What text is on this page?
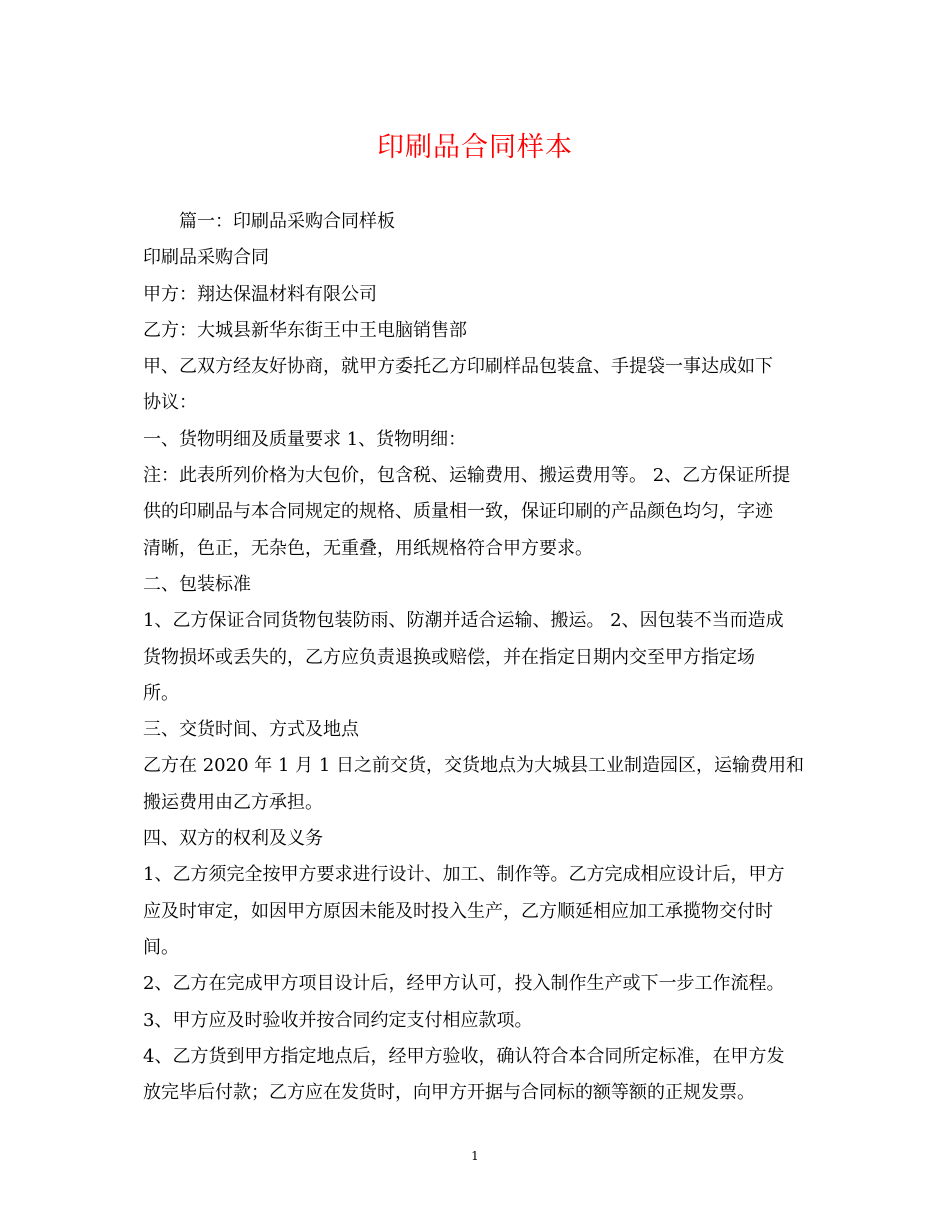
印刷品合同样本

篇一：印刷品采购合同样板

印刷品采购合同

甲方：翔达保温材料有限公司

乙方：大城县新华东街王中王电脑销售部

甲、乙双方经友好协商，就甲方委托乙方印刷样品包装盒、手提袋一事达成如下

协议：

一、货物明细及质量要求 1、货物明细：

注：此表所列价格为大包价，包含税、运输费用、搬运费用等。 2、乙方保证所提

供的印刷品与本合同规定的规格、质量相一致，保证印刷的产品颜色均匀，字迹

清晰，色正，无杂色，无重叠，用纸规格符合甲方要求。

二、包装标准

1、乙方保证合同货物包装防雨、防潮并适合运输、搬运。 2、因包装不当而造成

货物损坏或丢失的，乙方应负责退换或赔偿，并在指定日期内交至甲方指定场

所。

三、交货时间、方式及地点

乙方在 2020 年 1 月 1 日之前交货，交货地点为大城县工业制造园区，运输费用和

搬运费用由乙方承担。

四、双方的权利及义务

1、乙方须完全按甲方要求进行设计、加工、制作等。乙方完成相应设计后，甲方

应及时审定，如因甲方原因未能及时投入生产，乙方顺延相应加工承揽物交付时

间。

2、乙方在完成甲方项目设计后，经甲方认可，投入制作生产或下一步工作流程。

3、甲方应及时验收并按合同约定支付相应款项。

4、乙方货到甲方指定地点后，经甲方验收，确认符合本合同所定标准，在甲方发

放完毕后付款；乙方应在发货时，向甲方开据与合同标的额等额的正规发票。

1
